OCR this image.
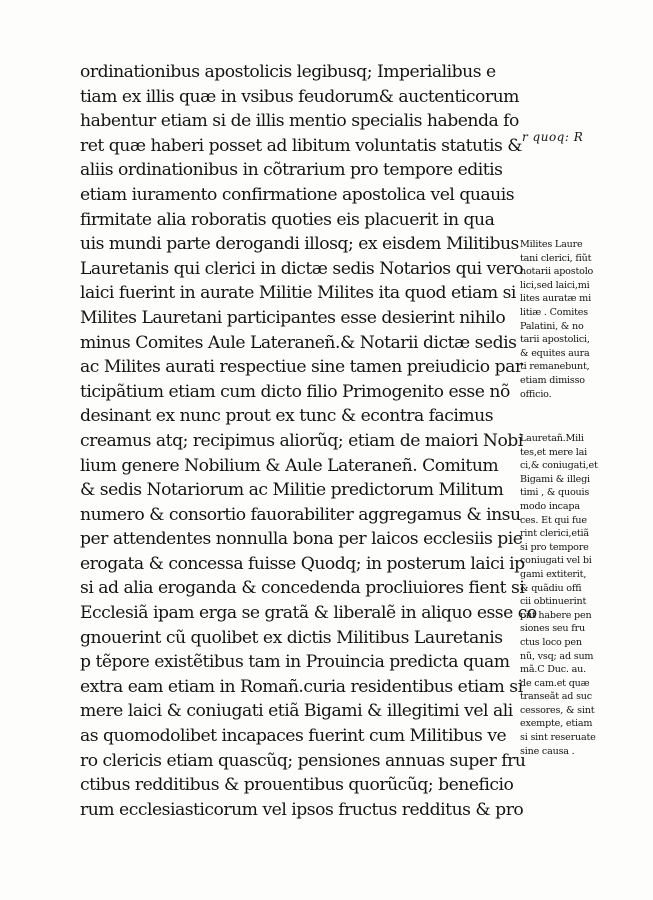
ordinationibus apostolicis legibusq; Imperialibus e
tiam ex illis quæ in vsibus feudorum& auctenticorum
habentur etiam si de illis mentio specialis habenda fo
ret quæ haberi posset ad libitum voluntatis statutis &
aliis ordinationibus in cõtrarium pro tempore editis
etiam iuramento confirmatione apostolica vel quauis
firmitate alia roboratis quoties eis placuerit in qua
uis mundi parte derogandi illosq; ex eisdem Militibus
Lauretanis qui clerici in dictæ sedis Notarios qui vero
laici fuerint in aurate Militie Milites ita quod etiam si
Milites Lauretani participantes esse desierint nihilo
minus Comites Aule Lateraneñ.& Notarii dictæ sedis
ac Milites aurati respectiue sine tamen preiudicio par
ticipãtium etiam cum dicto filio Primogenito esse nõ
desinant ex nunc prout ex tunc & econtra facimus
creamus atq; recipimus aliorũq; etiam de maiori Nobi
lium genere Nobilium & Aule Lateraneñ. Comitum
& sedis Notariorum ac Militie predictorum Militum
numero & consortio fauorabiliter aggregamus & insu
per attendentes nonnulla bona per laicos ecclesiis pie
erogata & concessa fuisse Quodq; in posterum laici ip
si ad alia eroganda & concedenda procliuiores fient si
Ecclesiã ipam erga se gratã & liberalẽ in aliquo esse co
gnouerint cũ quolibet ex dictis Militibus Lauretanis
p tẽpore existẽtibus tam in Prouincia predicta quam
extra eam etiam in Romañ.curia residentibus etiam si
mere laici & coniugati etiã Bigami & illegitimi vel ali
as quomodolibet incapaces fuerint cum Militibus ve
ro clericis etiam quascũq; pensiones annuas super fru
ctibus redditibus & prouentibus quorũcũq; beneficio
rum ecclesiasticorum vel ipsos fructus redditus & pro
r quoq: R
Milites Laure
tani clerici, fiũt
notarii apostolo
lici,sed laici,mi
lites auratæ mi
litiæ . Comites
Palatini, & no
tarii apostolici,
& equites aura
ti remanebunt,
etiam dimisso
officio.
Lauretañ.Mili
tes,et mere lai
ci,& coniugati,et
Bigami & illegi
timi , & quouis
modo incapa
ces. Et qui fue
rint clerici,etiã
si pro tempore
coniugati vel bi
gami extiterit,
& quãdiu offi
cii obtinuerint
pñt habere pen
siones seu fru
ctus loco pen
nũ, vsq; ad sum
mã.C Duc. au.
de cam.et quæ
transeãt ad suc
cessores, & sint
exempte, etiam
si sint reseruate
sine causa .
